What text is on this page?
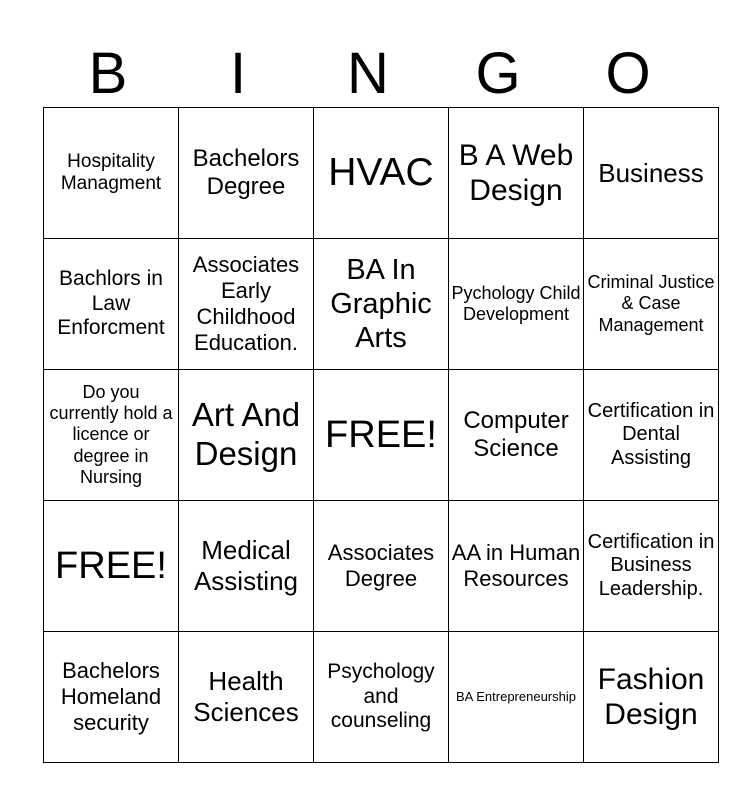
B	I	N	G	O
Hospitality Managment	Bachelors Degree	HVAC	B A Web Design	Business
Bachlors in Law Enforcment	Associates Early Childhood Education.	BA In Graphic Arts	Pychology Child Development	Criminal Justice & Case Management
Do you currently hold a licence or degree in Nursing	Art And Design	FREE!	Computer Science	Certification in Dental Assisting
FREE!	Medical Assisting	Associates Degree	AA in Human Resources	Certification in Business Leadership.
Bachelors Homeland security	Health Sciences	Psychology and counseling	BA Entrepreneurship	Fashion Design
